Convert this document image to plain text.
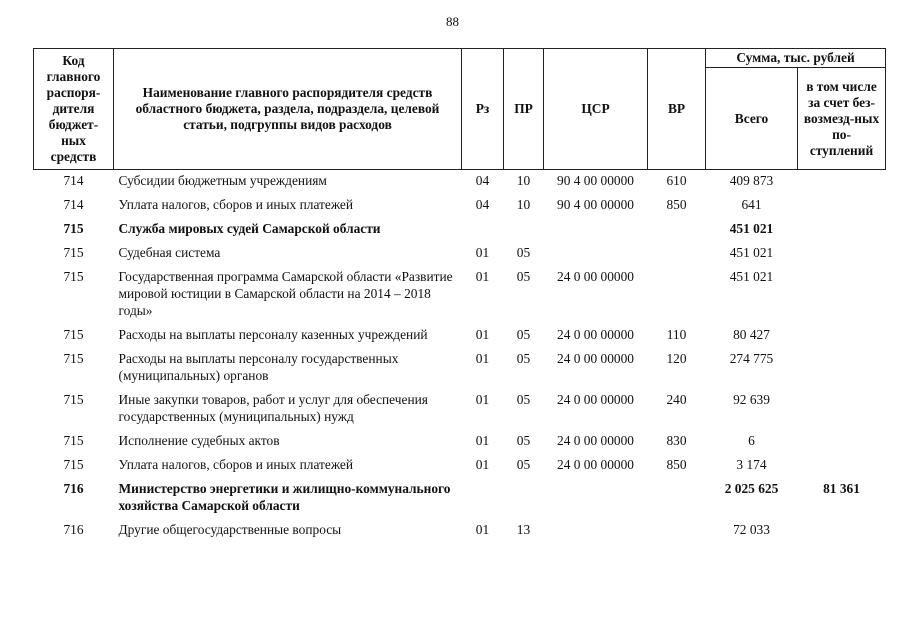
88
Код главного распоря-дителя бюджет-ных средств	Наименование главного распорядителя средств областного бюджета, раздела, подраздела, целевой статьи, подгруппы видов расходов	Рз	ПР	ЦСР	ВР	Сумма, тыс. рублей	
						Всего	в том числе за счет без-возмезд-ных по-ступлений
714	Субсидии бюджетным учреждениям	04	10	90 4 00 00000	610	409 873	
714	Уплата налогов, сборов и иных платежей	04	10	90 4 00 00000	850	641	
715	Служба мировых судей Самарской области					451 021	
715	Судебная система	01	05			451 021	
715	Государственная программа Самарской области «Развитие мировой юстиции в Самарской области на 2014 – 2018 годы»	01	05	24 0 00 00000		451 021	
715	Расходы на выплаты персоналу казенных учреждений	01	05	24 0 00 00000	110	80 427	
715	Расходы на выплаты персоналу государственных (муниципальных) органов	01	05	24 0 00 00000	120	274 775	
715	Иные закупки товаров, работ и услуг для обеспечения государственных (муниципальных) нужд	01	05	24 0 00 00000	240	92 639	
715	Исполнение судебных актов	01	05	24 0 00 00000	830	6	
715	Уплата налогов, сборов и иных платежей	01	05	24 0 00 00000	850	3 174	
716	Министерство энергетики и жилищно-коммунального хозяйства Самарской области					2 025 625	81 361
716	Другие общегосударственные вопросы	01	13			72 033	
